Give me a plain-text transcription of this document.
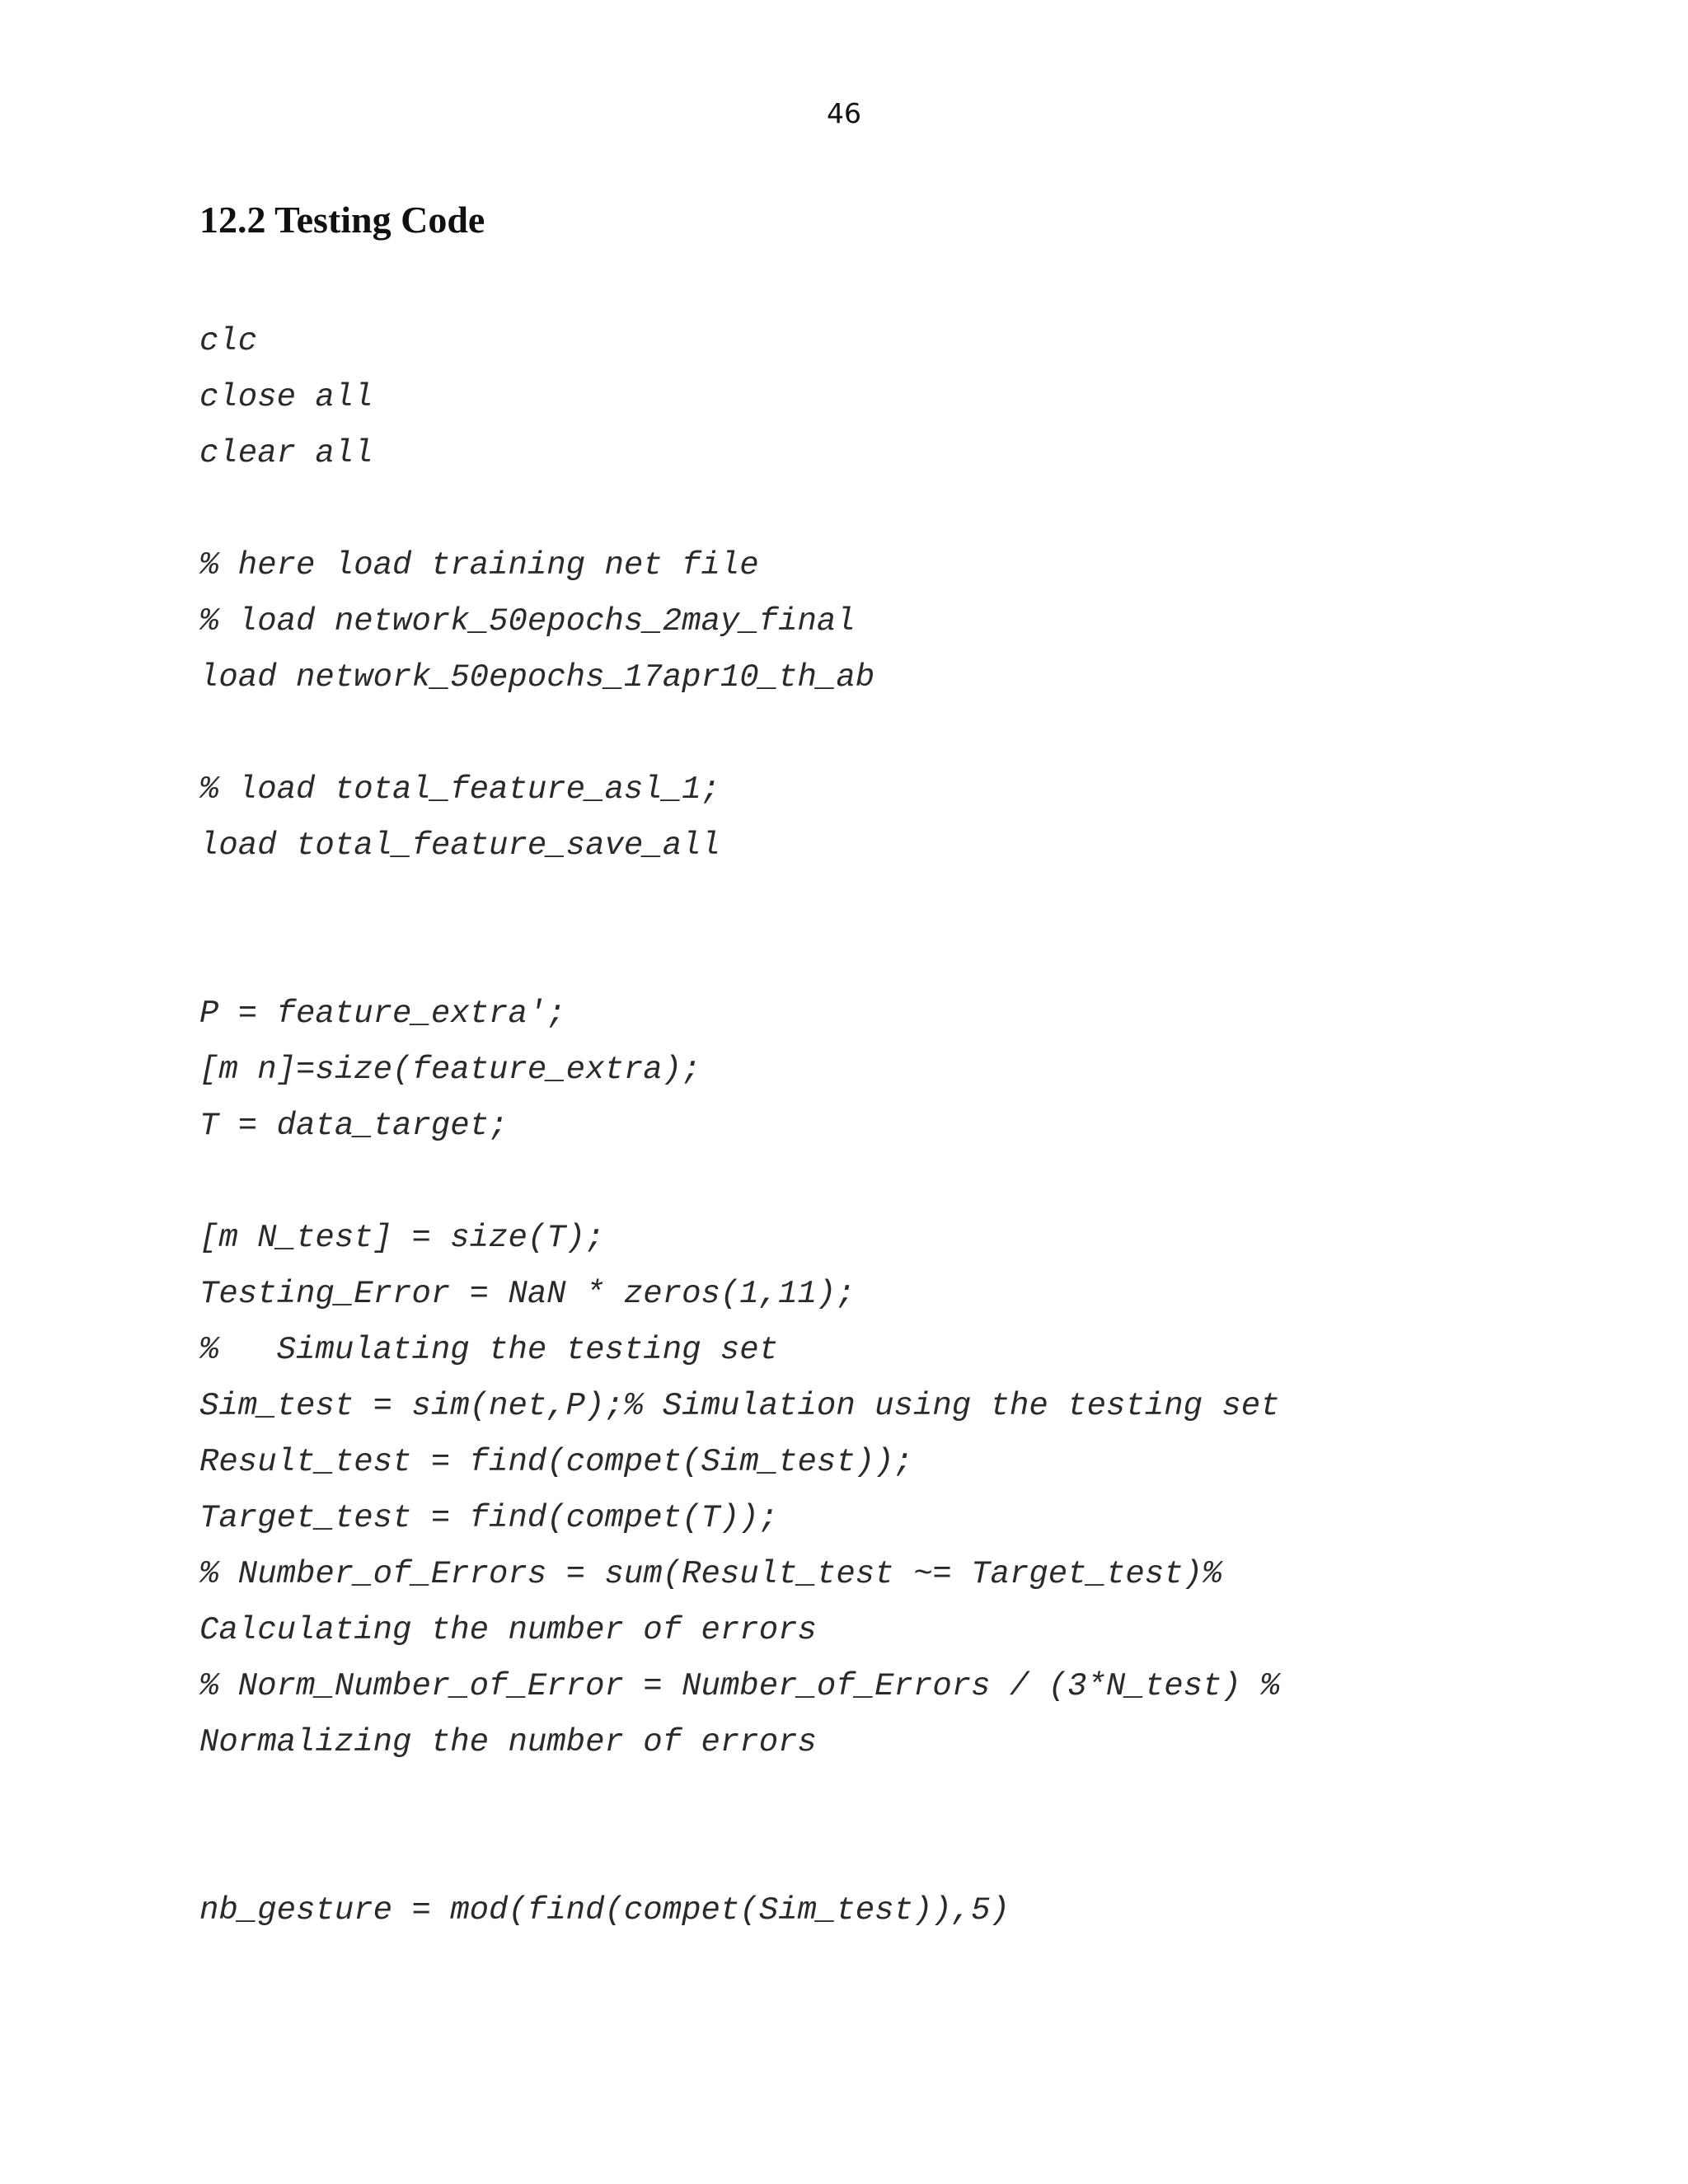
46
12.2 Testing Code
clc
close all
clear all
% here load training net file
% load network_50epochs_2may_final
load network_50epochs_17apr10_th_ab
% load total_feature_asl_1;
load total_feature_save_all
P = feature_extra';
[m n]=size(feature_extra);
T = data_target;
[m N_test] = size(T);
Testing_Error = NaN * zeros(1,11);
%   Simulating the testing set
Sim_test = sim(net,P);% Simulation using the testing set
Result_test = find(compet(Sim_test));
Target_test = find(compet(T));
% Number_of_Errors = sum(Result_test ~= Target_test)%
Calculating the number of errors
% Norm_Number_of_Error = Number_of_Errors / (3*N_test) %
Normalizing the number of errors
nb_gesture = mod(find(compet(Sim_test)),5)
